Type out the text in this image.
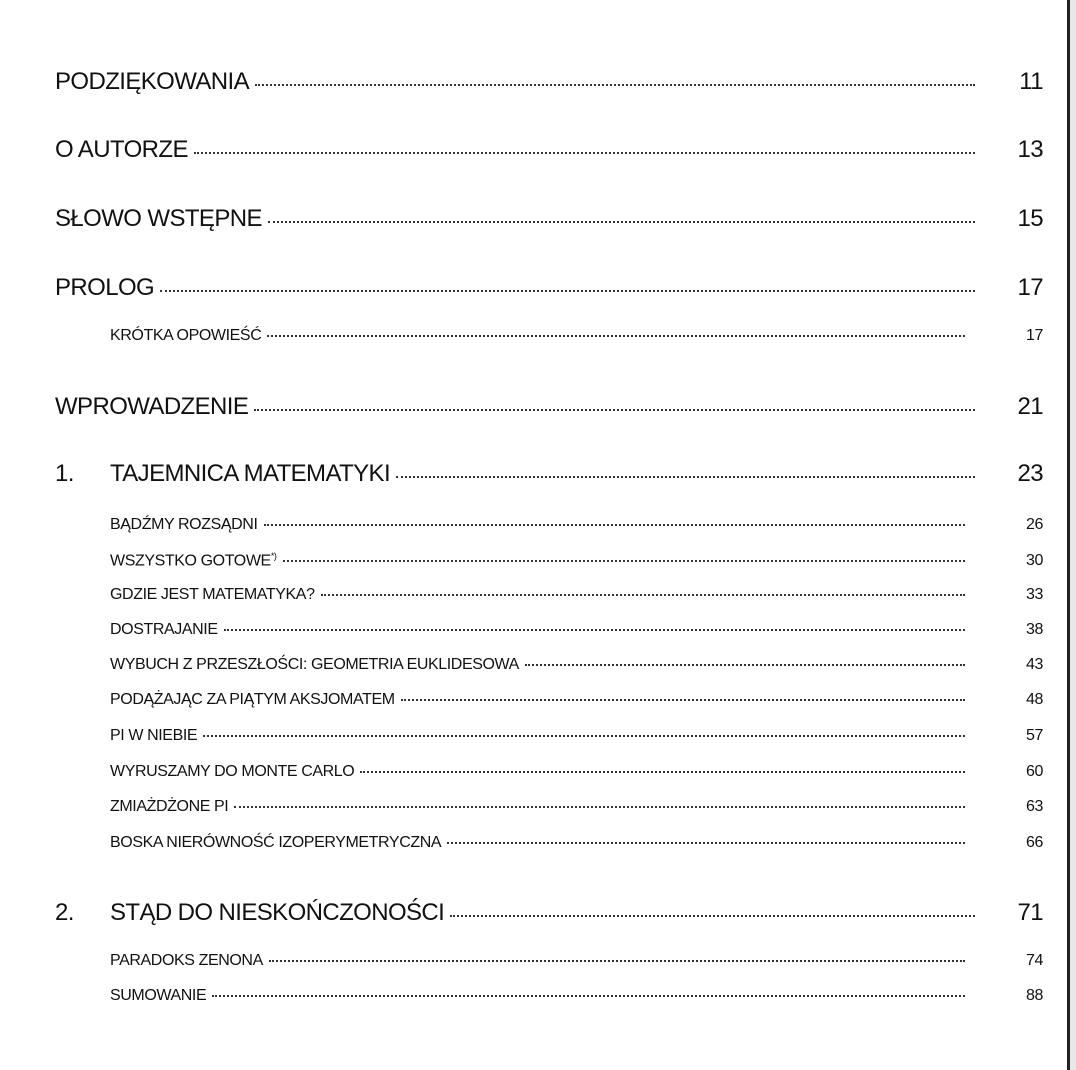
PODZIĘKOWANIA	11
O AUTORZE	13
SŁOWO WSTĘPNE	15
PROLOG	17
KRÓTKA OPOWIEŚĆ	17
WPROWADZENIE	21
1.	TAJEMNICA MATEMATYKI	23
BĄDŹMY ROZSĄDNI	26
WSZYSTKO GOTOWE*)	30
GDZIE JEST MATEMATYKA?	33
DOSTRAJANIE	38
WYBUCH Z PRZESZŁOŚCI: GEOMETRIA EUKLIDESOWA	43
PODĄŻAJĄC ZA PIĄTYM AKSJOMATEM	48
PI W NIEBIE	57
WYRUSZAMY DO MONTE CARLO	60
ZMIAŻDŻONE PI	63
BOSKA NIERÓWNOŚĆ IZOPERYMETRYCZNA	66
2.	STĄD DO NIESKOŃCZONOŚCI	71
PARADOKS ZENONA	74
SUMOWANIE	88
